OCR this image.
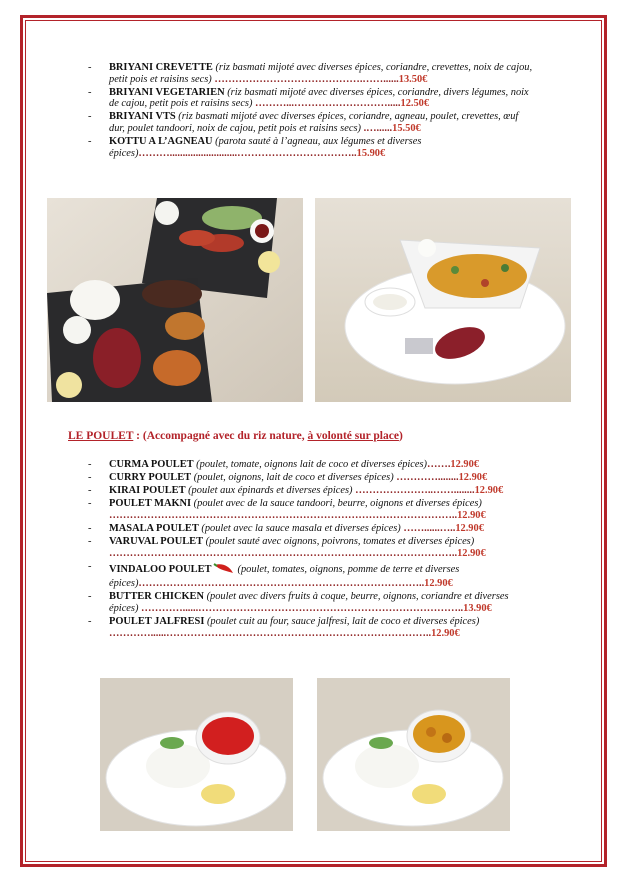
- BRIYANI CREVETTE (riz basmati mijoté avec diverses épices, coriandre, crevettes, noix de cajou, petit pois et raisins secs) …………………………………….……......13.50€
- BRIYANI VEGETARIEN (riz basmati mijoté avec diverses épices, coriandre, divers légumes, noix de cajou, petit pois et raisins secs) ………...……………………….....12.50€
- BRIYANI VTS (riz basmati mijoté avec diverses épices, coriandre, agneau, poulet, crevettes, œuf dur, poulet tandoori, noix de cajou, petit pois et raisins secs) .…......15.50€
- KOTTU A L’AGNEAU (parota sauté à l’agneau, aux légumes et diverses épices)………..........................……………………………..15.90€
LE POULET : (Accompagné avec du riz nature, à volonté sur place)
- CURMA POULET (poulet, tomate, oignons lait de coco et diverses épices)…….12.90€
- CURRY POULET (poulet, oignons, lait de coco et diverses épices) …………........12.90€
- KIRAI POULET (poulet aux épinards et diverses épices) …………………..……........12.90€
- POULET MAKNI (poulet avec de la sauce tandoori, beurre, oignons et diverses épices) ………………………………………………………………………………………..12.90€
- MASALA POULET (poulet avec la sauce masala et diverses épices) ……......…..12.90€
- VARUVAL POULET (poulet sauté avec oignons, poivrons, tomates et diverses épices) ………………………………………………………………………………………..12.90€
- VINDALOO POULET	(poulet, tomates, oignons, pomme de terre et diverses épices)………………………………………………………………………..12.90€
- BUTTER CHICKEN (poulet avec divers fruits à coque, beurre, oignons, coriandre et diverses épices) …………......…………………………………………………………………..13.90€
- POULET JALFRESI (poulet cuit au four, sauce jalfresi, lait de coco et diverses épices) …………......…………………………………………………………………..12.90€
